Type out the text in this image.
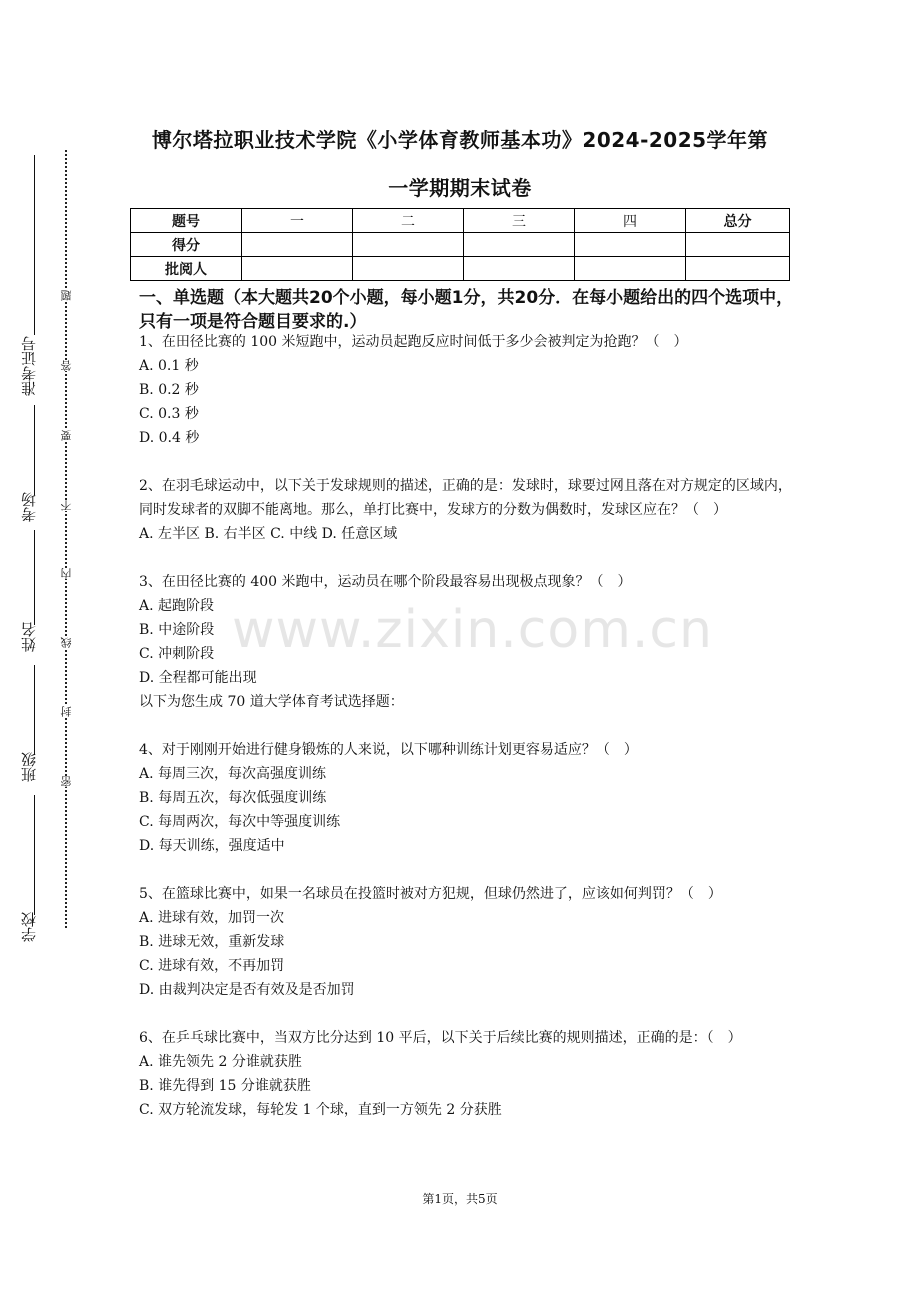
准考证号
考场
姓名
班级
学校
题
答
要
不
内
线
封
密
www.zixin.com.cn
博尔塔拉职业技术学院《小学体育教师基本功》2024-2025学年第
一学期期末试卷
题号	一	二	三	四	总分
得分					
批阅人					
一、单选题（本大题共20个小题，每小题1分，共20分．在每小题给出的四个选项中，只有一项是符合题目要求的.）

1、在田径比赛的 100 米短跑中，运动员起跑反应时间低于多少会被判定为抢跑？（　）

A. 0.1 秒

B. 0.2 秒

C. 0.3 秒

D. 0.4 秒

2、在羽毛球运动中，以下关于发球规则的描述，正确的是：发球时，球要过网且落在对方规定的区域内，同时发球者的双脚不能离地。那么，单打比赛中，发球方的分数为偶数时，发球区应在？（　）

A. 左半区 B. 右半区 C. 中线 D. 任意区域

3、在田径比赛的 400 米跑中，运动员在哪个阶段最容易出现极点现象？（　）

A. 起跑阶段

B. 中途阶段

C. 冲刺阶段

D. 全程都可能出现

以下为您生成 70 道大学体育考试选择题：

4、对于刚刚开始进行健身锻炼的人来说，以下哪种训练计划更容易适应？（　）

A. 每周三次，每次高强度训练

B. 每周五次，每次低强度训练

C. 每周两次，每次中等强度训练

D. 每天训练，强度适中

5、在篮球比赛中，如果一名球员在投篮时被对方犯规，但球仍然进了，应该如何判罚？（　）

A. 进球有效，加罚一次

B. 进球无效，重新发球

C. 进球有效，不再加罚

D. 由裁判决定是否有效及是否加罚

6、在乒乓球比赛中，当双方比分达到 10 平后，以下关于后续比赛的规则描述，正确的是：（　）

A. 谁先领先 2 分谁就获胜

B. 谁先得到 15 分谁就获胜

C. 双方轮流发球，每轮发 1 个球，直到一方领先 2 分获胜

第1页，共5页
